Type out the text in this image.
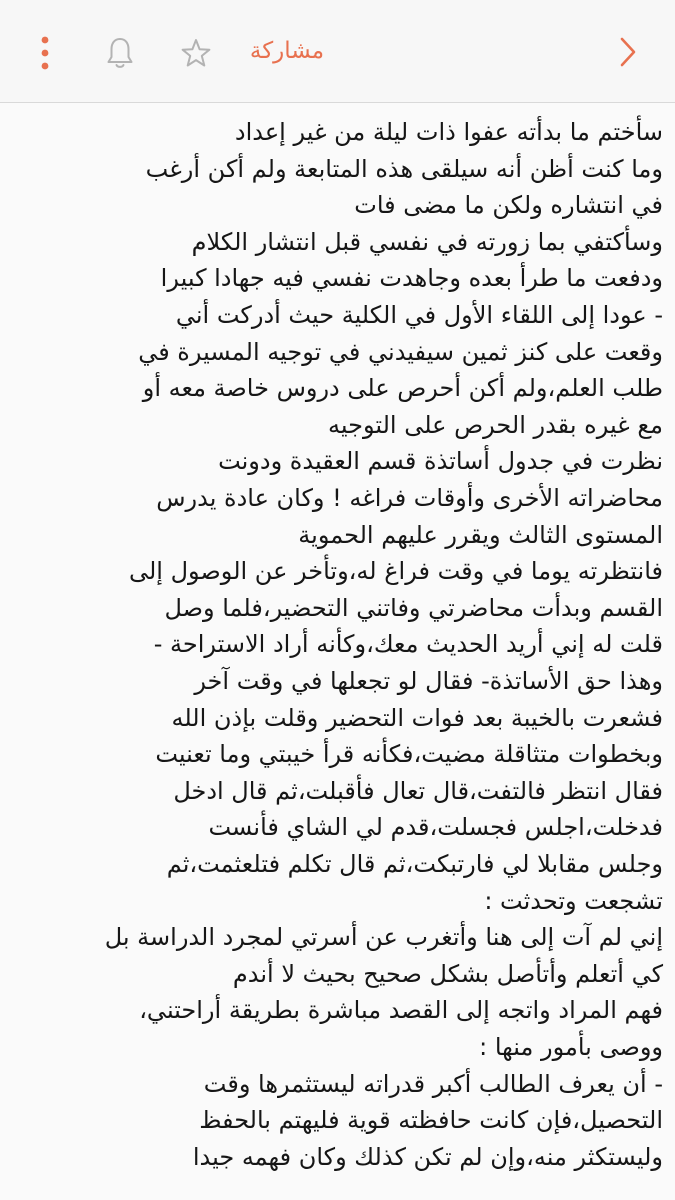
مشاركة
سأختم ما بدأته عفوا ذات ليلة من غير إعداد
وما كنت أظن أنه سيلقى هذه المتابعة ولم أكن أرغب
في انتشاره ولكن ما مضى فات
وسأكتفي بما زورته في نفسي قبل انتشار الكلام
ودفعت ما طرأ بعده وجاهدت نفسي فيه جهادا كبيرا
- عودا إلى اللقاء الأول في الكلية حيث أدركت أني
وقعت على كنز ثمين سيفيدني في توجيه المسيرة في
طلب العلم،ولم أكن أحرص على دروس خاصة معه أو
مع غيره بقدر الحرص على التوجيه
نظرت في جدول أساتذة قسم العقيدة ودونت
محاضراته الأخرى وأوقات فراغه ! وكان عادة يدرس
المستوى الثالث ويقرر عليهم الحموية
فانتظرته يوما في وقت فراغ له،وتأخر عن الوصول إلى
القسم وبدأت محاضرتي وفاتني التحضير،فلما وصل
قلت له إني أريد الحديث معك،وكأنه أراد الاستراحة -
وهذا حق الأساتذة- فقال لو تجعلها في وقت آخر
فشعرت بالخيبة بعد فوات التحضير وقلت بإذن الله
وبخطوات متثاقلة مضيت،فكأنه قرأ خيبتي وما تعنيت
فقال انتظر فالتفت،قال تعال فأقبلت،ثم قال ادخل
فدخلت،اجلس فجسلت،قدم لي الشاي فأنست
وجلس مقابلا لي فارتبكت،ثم قال تكلم فتلعثمت،ثم
تشجعت وتحدثت :
إني لم آت إلى هنا وأتغرب عن أسرتي لمجرد الدراسة بل
كي أتعلم وأتأصل بشكل صحيح بحيث لا أندم
فهم المراد واتجه إلى القصد مباشرة بطريقة أراحتني،
ووصى بأمور منها :
- أن يعرف الطالب أكبر قدراته ليستثمرها وقت
التحصيل،فإن كانت حافظته قوية فليهتم بالحفظ
وليستكثر منه،وإن لم تكن كذلك وكان فهمه جيدا
